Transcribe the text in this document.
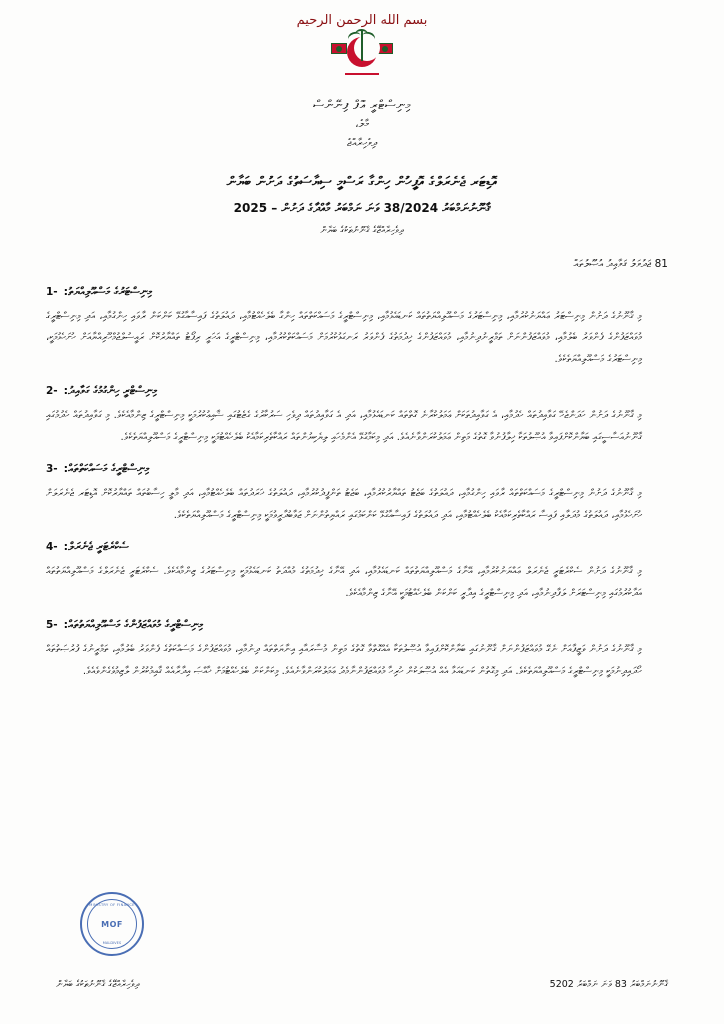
بسم الله الرحمن الرحيم
މިނިސްޓްރީ އޮފް ފިނޭންސް
މާލެ،
ދިވެހިރާއްޖެ
އޮޑިޓަރ ޖެނެރަލްގެ އޮފީހުން ހިންގާ ރަސްމީ ސިޔާސަތުގެ ދަށުން ބަޔާން
ޤާނޫނުނަމްބަރު 38/2024 ވަނަ ނަމްބަރު މާއްދާގެ ދަށުން – 2025
ދިވެހިރާއްޖޭގެ ޤާނޫނުތަކުގެ ބަޔާން
18 ޖަދުވަލު ޤަވާޢިދު އުޞޫލުތައް
1- މިނިސްޓަރުގެ މަސްއޫލިއްޔަތު:
މި ޤާނޫނުގެ ދަށުން މިނިސްޓަރު ޢައްޔަނުކުރުމާއި، މިނިސްޓަރުގެ މަސްއޫލިއްޔަތުތައް ކަނޑައެޅުމާއި، މިނިސްޓްރީގެ މަސައްކަތްތައް ހިންގާ ބެލެހެއްޓުމާއި، ދައުލަތުގެ ފައިސާއާގުޅޭ ކަންކަން ރާވައި ހިންގުމާއި، އަދި މިނިސްޓްރީގެ މުވައްޒަފުންގެ ފެންވަރު ބެލުމާއި، މުވައްޒަފުންނަށް ތަމްރީނުދިނުމާއި، މުވައްޒަފުންގެ ޚިދުމަތުގެ ފެންވަރު ރަނގަޅުކުރުމަށް މަސައްކަތްކުރުމާއި، މިނިސްޓްރީގެ އަހަރީ ރިޕޯޓު ތައްޔާރުކޮށް ރައީސުލްޖުމްހޫރިއްޔާއަށް ހުށަހެޅުމަކީ، މިނިސްޓަރުގެ މަސްއޫލިއްޔަތެކެވެ.
2- މިނިސްޓްރީ ހިންގުމުގެ ގަވާއިދު:
މި ޤާނޫނުގެ ދަށުން ހަދަންޖެހޭ ގަވާއިދުތައް ހެދުމާއި، އެ ގަވާއިދުތަކަށް ޢަމަލުކުރާނެ ގޮތްތައް ކަނޑައެޅުމާއި، އަދި އެ ގަވާއިދުތައް ދިވެހި ސަރުކާރުގެ ގެޒެޓުގައި ޝާއިޢުކުރުމަކީ މިނިސްޓްރީގެ ޒިންމާއެކެވެ. މި ގަވާއިދުތައް ހެދުމުގައި ޤާނޫނުއަސާސީގައި ބަޔާންކޮށްފައިވާ އުޞޫލުތަކާ ޚިލާފުނުވާ ގޮތުގެ މަތިން ޢަމަލުކުރަންވާނެއެވެ. އަދި މިކަމާގުޅޭ އެންމެހައި ލިޔެކިޔުންތައް ރައްކާތެރިކަމާއެކު ބެލެހެއްޓުމަކީ މިނިސްޓްރީގެ މަސްއޫލިއްޔަތެކެވެ.
3- މިނިސްޓްރީގެ މަސައްކަތްތައް:
މި ޤާނޫނުގެ ދަށުން މިނިސްޓްރީގެ މަސައްކަތްތައް ރާވައި ހިންގުމާއި، ދައުލަތުގެ ބަޖެޓު ތައްޔާރުކުރުމާއި، ބަޖެޓު ތަންފީޛުކުރުމާއި، ދައުލަތުގެ ޚަރަދުތައް ބެލެހެއްޓުމާއި، އަދި މާލީ ހިސާބުތައް ތައްޔާރުކޮށް އޮޑިޓަރ ޖެނެރަލަށް ހުށަހެޅުމާއި، ދައުލަތުގެ މުދަލާއި ފައިސާ ރައްކާތެރިކަމާއެކު ބެލެހެއްޓުމާއި، އަދި ދައުލަތުގެ ފައިސާއާގުޅޭ ކަންކަމުގައި ރައްޔިތުންނަށް ޖަވާބުދާރީވުމަކީ މިނިސްޓްރީގެ މަސްއޫލިއްޔަތެކެވެ.
4- ސެކްރެޓަރީ ޖެނެރަލް:
މި ޤާނޫނުގެ ދަށުން ސެކްރެޓަރީ ޖެނެރަލް ޢައްޔަނުކުރުމާއި، އޭނާގެ މަސްއޫލިއްޔަތުތައް ކަނޑައެޅުމާއި، އަދި އޭނާގެ ޚިދުމަތުގެ މުއްދަތު ކަނޑައެޅުމަކީ މިނިސްޓަރުގެ ޒިންމާއެކެވެ. ސެކްރެޓަރީ ޖެނެރަލްގެ މަސްއޫލިއްޔަތުތައް އަދާކުރުމުގައި މިނިސްޓަރަށް ލަފާދިނުމާއި، އަދި މިނިސްޓްރީގެ އިދާރީ ކަންކަން ބެލެހެއްޓުމަކީ އޭނާގެ ޒިންމާއެކެވެ.
5- މިނިސްޓްރީގެ މުވައްޒަފުންގެ މަސްއޫލިއްޔަތުތައް:
މި ޤާނޫނުގެ ދަށުން ވަޒީފާއަށް ނެގޭ މުވައްޒަފުންނަށް ޤާނޫނުގައި ބަޔާންކޮށްފައިވާ އުޞޫލުތަކާ އެއްގޮތްވާ ގޮތުގެ މަތިން މުސާރައާއި އިނާޔަތްތައް ދިނުމާއި، މުވައްޒަފުންގެ މަސައްކަތުގެ ފެންވަރު ބެލުމާއި، ތަމްރީނުގެ ފުރުޞަތުތައް ހޯދައިދިނުމަކީ މިނިސްޓްރީގެ މަސްއޫލިއްޔަތެކެވެ. އަދި މިގޮތުން ކަނޑައަޅާ އެއް އުޞޫލަކުން ހުރިހާ މުވައްޒަފުންނާމެދު ޢަމަލުކުރަންވާނެއެވެ. މިކަންކަން ބެލެހެއްޓުމަށް ޚާއްޞަ އިދާރާއެއް ޤާއިމުކުރުން ލާޒިމުވެގެންވެއެވެ.
MINISTRY OF FINANCE
MOF
MALDIVES
ދިވެހިރާއްޖޭގެ ޤާނޫނުތަކުގެ ބަޔާން	ޤާނޫނުނަމްބަރު 38 ވަނަ ނަމްބަރު 2025
